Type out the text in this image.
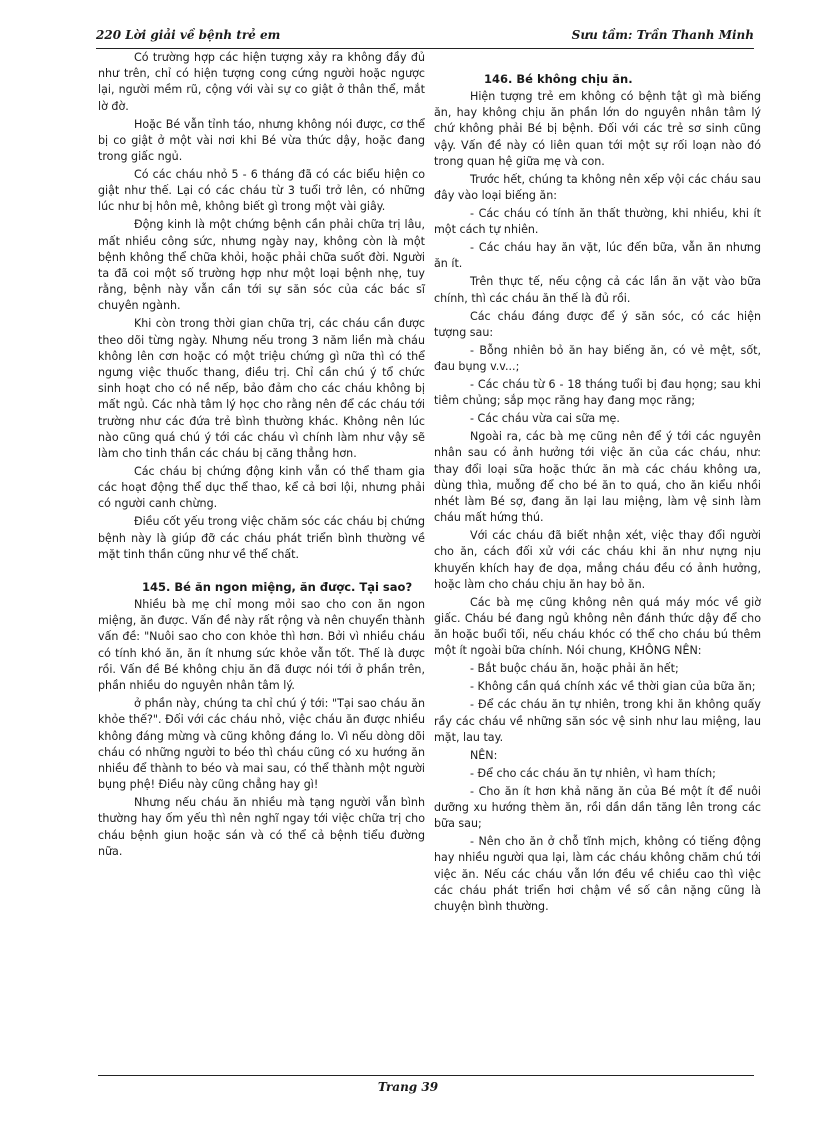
220 Lời giải về bệnh trẻ em	Sưu tầm: Trần Thanh Minh

Có trường hợp các hiện tượng xảy ra không đầy đủ như trên, chỉ có hiện tượng cong cứng người hoặc ngược lại, người mềm rũ, cộng với vài sự co giật ở thân thể, mắt lờ đờ.

Hoặc Bé vẫn tỉnh táo, nhưng không nói được, cơ thể bị co giật ở một vài nơi khi Bé vừa thức dậy, hoặc đang trong giấc ngủ.

Có các cháu nhỏ 5 - 6 tháng đã có các biểu hiện co giật như thế. Lại có các cháu từ 3 tuổi trở lên, có những lúc như bị hôn mê, không biết gì trong một vài giây.

Động kinh là một chứng bệnh cần phải chữa trị lâu, mất nhiều công sức, nhưng ngày nay, không còn là một bệnh không thể chữa khỏi, hoặc phải chữa suốt đời. Người ta đã coi một số trường hợp như một loại bệnh nhẹ, tuy rằng, bệnh này vẫn cần tới sự săn sóc của các bác sĩ chuyên ngành.

Khi còn trong thời gian chữa trị, các cháu cần được theo dõi từng ngày. Nhưng nếu trong 3 năm liền mà cháu không lên cơn hoặc có một triệu chứng gì nữa thì có thể ngưng việc thuốc thang, điều trị. Chỉ cần chú ý tổ chức sinh hoạt cho có nề nếp, bảo đảm cho các cháu không bị mất ngủ. Các nhà tâm lý học cho rằng nên để các cháu tới trường như các đứa trẻ bình thường khác. Không nên lúc nào cũng quá chú ý tới các cháu vì chính làm như vậy sẽ làm cho tinh thần các cháu bị căng thẳng hơn.

Các cháu bị chứng động kinh vẫn có thể tham gia các hoạt động thể dục thể thao, kể cả bơi lội, nhưng phải có người canh chừng.

Điều cốt yếu trong việc chăm sóc các cháu bị chứng bệnh này là giúp đỡ các cháu phát triển bình thường về mặt tinh thần cũng như về thể chất.

145. Bé ăn ngon miệng, ăn được. Tại sao?

Nhiều bà mẹ chỉ mong mỏi sao cho con ăn ngon miệng, ăn được. Vấn đề này rất rộng và nên chuyển thành vấn đề: "Nuôi sao cho con khỏe thì hơn. Bởi vì nhiều cháu có tính khó ăn, ăn ít nhưng sức khỏe vẫn tốt. Thế là được rồi. Vấn đề Bé không chịu ăn đã được nói tới ở phần trên, phần nhiều do nguyên nhân tâm lý.

ở phần này, chúng ta chỉ chú ý tới: "Tại sao cháu ăn khỏe thế?". Đối với các cháu nhỏ, việc cháu ăn được nhiều không đáng mừng và cũng không đáng lo. Vì nếu dòng dõi cháu có những người to béo thì cháu cũng có xu hướng ăn nhiều để thành to béo và mai sau, có thể thành một người bụng phệ! Điều này cũng chẳng hay gì!

Nhưng nếu cháu ăn nhiều mà tạng người vẫn bình thường hay ốm yếu thì nên nghĩ ngay tới việc chữa trị cho cháu bệnh giun hoặc sán và có thể cả bệnh tiểu đường nữa.

146. Bé không chịu ăn.

Hiện tượng trẻ em không có bệnh tật gì mà biếng ăn, hay không chịu ăn phần lớn do nguyên nhân tâm lý chứ không phải Bé bị bệnh. Đối với các trẻ sơ sinh cũng vậy. Vấn đề này có liên quan tới một sự rối loạn nào đó trong quan hệ giữa mẹ và con.

Trước hết, chúng ta không nên xếp vội các cháu sau đây vào loại biếng ăn:

- Các cháu có tính ăn thất thường, khi nhiều, khi ít một cách tự nhiên.

- Các cháu hay ăn vặt, lúc đến bữa, vẫn ăn nhưng ăn ít.

Trên thực tế, nếu cộng cả các lần ăn vặt vào bữa chính, thì các cháu ăn thế là đủ rồi.

Các cháu đáng được để ý săn sóc, có các hiện tượng sau:

- Bỗng nhiên bỏ ăn hay biếng ăn, có vẻ mệt, sốt, đau bụng v.v...;

- Các cháu từ 6 - 18 tháng tuổi bị đau họng; sau khi tiêm chủng; sắp mọc răng hay đang mọc răng;

- Các cháu vừa cai sữa mẹ.

Ngoài ra, các bà mẹ cũng nên để ý tới các nguyên nhân sau có ảnh hưởng tới việc ăn của các cháu, như: thay đổi loại sữa hoặc thức ăn mà các cháu không ưa, dùng thìa, muỗng để cho bé ăn to quá, cho ăn kiểu nhồi nhét làm Bé sợ, đang ăn lại lau miệng, làm vệ sinh làm cháu mất hứng thú.

Với các cháu đã biết nhận xét, việc thay đổi người cho ăn, cách đối xử với các cháu khi ăn như nựng nịu khuyến khích hay đe dọa, mắng cháu đều có ảnh hưởng, hoặc làm cho cháu chịu ăn hay bỏ ăn.

Các bà mẹ cũng không nên quá máy móc về giờ giấc. Cháu bé đang ngủ không nên đánh thức dậy để cho ăn hoặc buổi tối, nếu cháu khóc có thể cho cháu bú thêm một ít ngoài bữa chính. Nói chung, KHÔNG NÊN:

- Bắt buộc cháu ăn, hoặc phải ăn hết;

- Không cần quá chính xác về thời gian của bữa ăn;

- Để các cháu ăn tự nhiên, trong khi ăn không quấy rầy các cháu về những săn sóc vệ sinh như lau miệng, lau mặt, lau tay.

NÊN:

- Để cho các cháu ăn tự nhiên, vì ham thích;

- Cho ăn ít hơn khả năng ăn của Bé một ít để nuôi dưỡng xu hướng thèm ăn, rồi dần dần tăng lên trong các bữa sau;

- Nên cho ăn ở chỗ tĩnh mịch, không có tiếng động hay nhiều người qua lại, làm các cháu không chăm chú tới việc ăn. Nếu các cháu vẫn lớn đều về chiều cao thì việc các cháu phát triển hơi chậm về số cân nặng cũng là chuyện bình thường.

Trang 39
